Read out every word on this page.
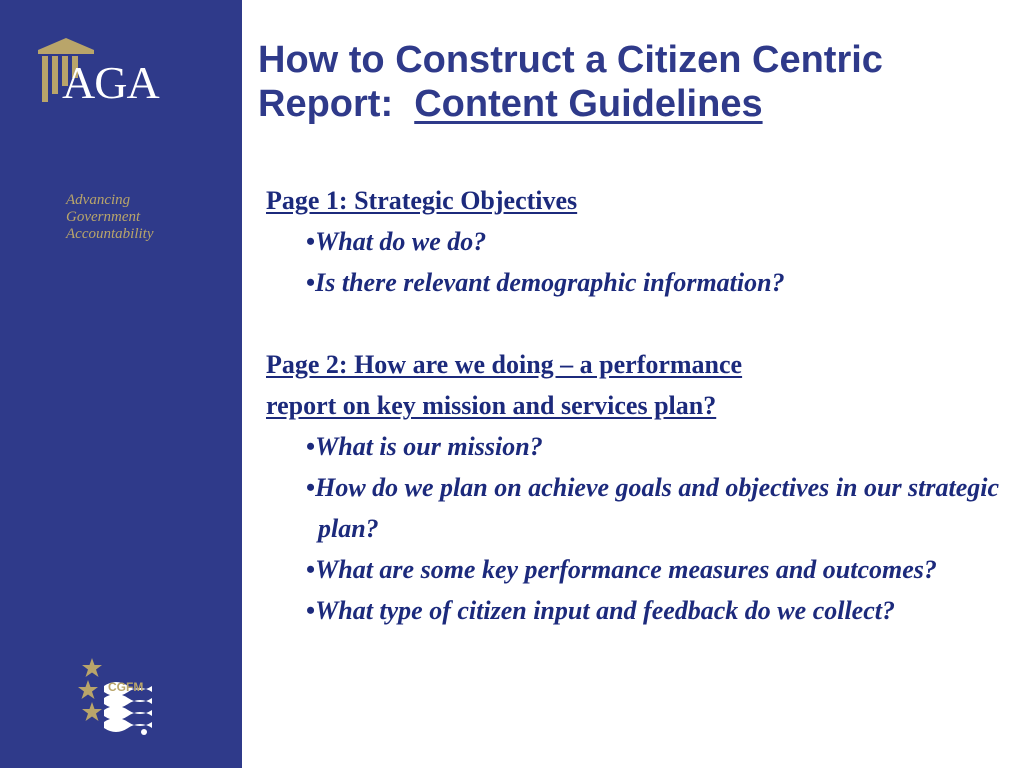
AGA
Advancing
Government
Accountability
CGFM
How to Construct a Citizen Centric
Report: Content Guidelines
Page 1: Strategic Objectives
•What do we do?
•Is there relevant demographic information?
Page 2: How are we doing – a performance
report on key mission and services plan?
•What is our mission?
•How do we plan on achieve goals and objectives in our strategic plan?
•What are some key performance measures and outcomes?
•What type of citizen input and feedback do we collect?
